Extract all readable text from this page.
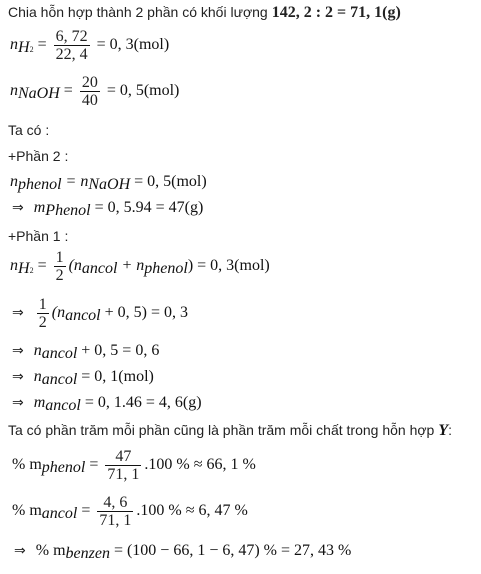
Chia hỗn hợp thành 2 phần có khối lượng 142, 2 : 2 = 71, 1(g)
$n_{H2} = \frac{6, 72}{22, 4} = 0$, 3(mol)
$n_{NaOH} = \frac{20}{40} = 0$, 5(mol)
Ta có :
+Phần 2 :
$n_{phenol} = n_{NaOH} = 0$, 5(mol)
⇒ $m_{Phenol} = 0$, 5.94 = 47(g)
+Phần 1 :
$n_{H2} = \frac{1}{2} (n_{ancol} + n_{phenol}) = 0$, 3(mol)
⇒ $\frac{1}{2} (n_{ancol} + 0$, 5) = 0, 3
⇒ $n_{ancol} + 0$, 5 = 0, 6
⇒ $n_{ancol} = 0$, 1(mol)
⇒ $m_{ancol} = 0$, 1.46 = 4, 6(g)
Ta có phần trăm mỗi phần cũng là phần trăm mỗi chất trong hỗn hợp Y:
% $m_{phenol} = \frac{47}{71, 1} .100$ % ≈ 66, 1 %
% $m_{ancol} = \frac{4, 6}{71, 1} .100$ % ≈ 6, 47 %
⇒ % $m_{benzen} = (100 - 66$, 1 − 6, 47) % = 27, 43 %
